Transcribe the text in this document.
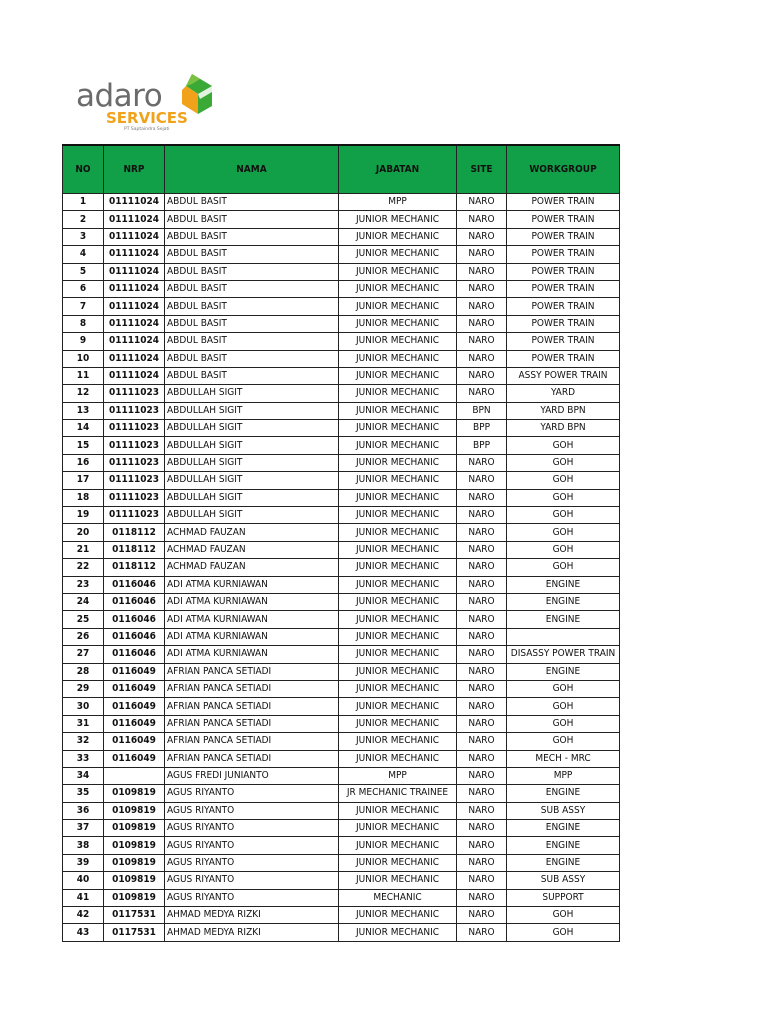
adaro
SERVICES
PT Saptaindra Sejati
NO	NRP	NAMA	JABATAN	SITE	WORKGROUP
1	01111024	ABDUL BASIT	MPP	NARO	POWER TRAIN
2	01111024	ABDUL BASIT	JUNIOR MECHANIC	NARO	POWER TRAIN
3	01111024	ABDUL BASIT	JUNIOR MECHANIC	NARO	POWER TRAIN
4	01111024	ABDUL BASIT	JUNIOR MECHANIC	NARO	POWER TRAIN
5	01111024	ABDUL BASIT	JUNIOR MECHANIC	NARO	POWER TRAIN
6	01111024	ABDUL BASIT	JUNIOR MECHANIC	NARO	POWER TRAIN
7	01111024	ABDUL BASIT	JUNIOR MECHANIC	NARO	POWER TRAIN
8	01111024	ABDUL BASIT	JUNIOR MECHANIC	NARO	POWER TRAIN
9	01111024	ABDUL BASIT	JUNIOR MECHANIC	NARO	POWER TRAIN
10	01111024	ABDUL BASIT	JUNIOR MECHANIC	NARO	POWER TRAIN
11	01111024	ABDUL BASIT	JUNIOR MECHANIC	NARO	ASSY POWER TRAIN
12	01111023	ABDULLAH SIGIT	JUNIOR MECHANIC	NARO	YARD
13	01111023	ABDULLAH SIGIT	JUNIOR MECHANIC	BPN	YARD BPN
14	01111023	ABDULLAH SIGIT	JUNIOR MECHANIC	BPP	YARD BPN
15	01111023	ABDULLAH SIGIT	JUNIOR MECHANIC	BPP	GOH
16	01111023	ABDULLAH SIGIT	JUNIOR MECHANIC	NARO	GOH
17	01111023	ABDULLAH SIGIT	JUNIOR MECHANIC	NARO	GOH
18	01111023	ABDULLAH SIGIT	JUNIOR MECHANIC	NARO	GOH
19	01111023	ABDULLAH SIGIT	JUNIOR MECHANIC	NARO	GOH
20	0118112	ACHMAD FAUZAN	JUNIOR MECHANIC	NARO	GOH
21	0118112	ACHMAD FAUZAN	JUNIOR MECHANIC	NARO	GOH
22	0118112	ACHMAD FAUZAN	JUNIOR MECHANIC	NARO	GOH
23	0116046	ADI ATMA KURNIAWAN	JUNIOR MECHANIC	NARO	ENGINE
24	0116046	ADI ATMA KURNIAWAN	JUNIOR MECHANIC	NARO	ENGINE
25	0116046	ADI ATMA KURNIAWAN	JUNIOR MECHANIC	NARO	ENGINE
26	0116046	ADI ATMA KURNIAWAN	JUNIOR MECHANIC	NARO	
27	0116046	ADI ATMA KURNIAWAN	JUNIOR MECHANIC	NARO	DISASSY POWER TRAIN
28	0116049	AFRIAN PANCA SETIADI	JUNIOR MECHANIC	NARO	ENGINE
29	0116049	AFRIAN PANCA SETIADI	JUNIOR MECHANIC	NARO	GOH
30	0116049	AFRIAN PANCA SETIADI	JUNIOR MECHANIC	NARO	GOH
31	0116049	AFRIAN PANCA SETIADI	JUNIOR MECHANIC	NARO	GOH
32	0116049	AFRIAN PANCA SETIADI	JUNIOR MECHANIC	NARO	GOH
33	0116049	AFRIAN PANCA SETIADI	JUNIOR MECHANIC	NARO	MECH - MRC
34		AGUS FREDI JUNIANTO	MPP	NARO	MPP
35	0109819	AGUS RIYANTO	JR MECHANIC TRAINEE	NARO	ENGINE
36	0109819	AGUS RIYANTO	JUNIOR MECHANIC	NARO	SUB ASSY
37	0109819	AGUS RIYANTO	JUNIOR MECHANIC	NARO	ENGINE
38	0109819	AGUS RIYANTO	JUNIOR MECHANIC	NARO	ENGINE
39	0109819	AGUS RIYANTO	JUNIOR MECHANIC	NARO	ENGINE
40	0109819	AGUS RIYANTO	JUNIOR MECHANIC	NARO	SUB ASSY
41	0109819	AGUS RIYANTO	MECHANIC	NARO	SUPPORT
42	0117531	AHMAD MEDYA RIZKI	JUNIOR MECHANIC	NARO	GOH
43	0117531	AHMAD MEDYA RIZKI	JUNIOR MECHANIC	NARO	GOH
